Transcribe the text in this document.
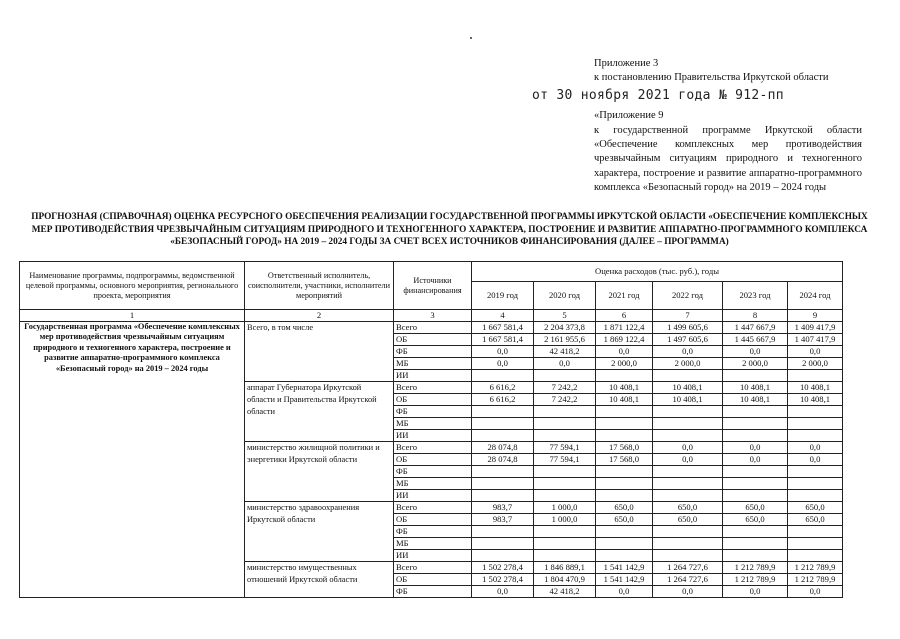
Приложение 3
к постановлению Правительства Иркутской области
от 30 ноября 2021 года № 912-пп
«Приложение 9
к государственной программе Иркутской области «Обеспечение комплексных мер противодействия чрезвычайным ситуациям природного и техногенного характера, построение и развитие аппаратно-программного комплекса «Безопасный город» на 2019 – 2024 годы
ПРОГНОЗНАЯ (СПРАВОЧНАЯ) ОЦЕНКА РЕСУРСНОГО ОБЕСПЕЧЕНИЯ РЕАЛИЗАЦИИ ГОСУДАРСТВЕННОЙ ПРОГРАММЫ ИРКУТСКОЙ ОБЛАСТИ «ОБЕСПЕЧЕНИЕ КОМПЛЕКСНЫХ МЕР ПРОТИВОДЕЙСТВИЯ ЧРЕЗВЫЧАЙНЫМ СИТУАЦИЯМ ПРИРОДНОГО И ТЕХНОГЕННОГО ХАРАКТЕРА, ПОСТРОЕНИЕ И РАЗВИТИЕ АППАРАТНО-ПРОГРАММНОГО КОМПЛЕКСА «БЕЗОПАСНЫЙ ГОРОД» НА 2019 – 2024 ГОДЫ ЗА СЧЕТ ВСЕХ ИСТОЧНИКОВ ФИНАНСИРОВАНИЯ (ДАЛЕЕ – ПРОГРАММА)
Наименование программы, подпрограммы, ведомственной целевой программы, основного мероприятия, регионального проекта, мероприятия	Ответственный исполнитель, соисполнители, участники, исполнители мероприятий	Источники финансирования	Оценка расходов (тыс. руб.), годы					
			2019 год	2020 год	2021 год	2022 год	2023 год	2024 год
1	2	3	4	5	6	7	8	9
Государственная программа «Обеспечение комплексных мер противодействия чрезвычайным ситуациям природного и техногенного характера, построение и развитие аппаратно-программного комплекса «Безопасный город» на 2019 – 2024 годы	Всего, в том числе	Всего	1 667 581,4	2 204 373,8	1 871 122,4	1 499 605,6	1 447 667,9	1 409 417,9
		ОБ	1 667 581,4	2 161 955,6	1 869 122,4	1 497 605,6	1 445 667,9	1 407 417,9
		ФБ	0,0	42 418,2	0,0	0,0	0,0	0,0
		МБ	0,0	0,0	2 000,0	2 000,0	2 000,0	2 000,0
		ИИ						
	аппарат Губернатора Иркутской области и Правительства Иркутской области	Всего	6 616,2	7 242,2	10 408,1	10 408,1	10 408,1	10 408,1
		ОБ	6 616,2	7 242,2	10 408,1	10 408,1	10 408,1	10 408,1
		ФБ						
		МБ						
		ИИ						
	министерство жилищной политики и энергетики Иркутской области	Всего	28 074,8	77 594,1	17 568,0	0,0	0,0	0,0
		ОБ	28 074,8	77 594,1	17 568,0	0,0	0,0	0,0
		ФБ						
		МБ						
		ИИ						
	министерство здравоохранения Иркутской области	Всего	983,7	1 000,0	650,0	650,0	650,0	650,0
		ОБ	983,7	1 000,0	650,0	650,0	650,0	650,0
		ФБ						
		МБ						
		ИИ						
	министерство имущественных отношений Иркутской области	Всего	1 502 278,4	1 846 889,1	1 541 142,9	1 264 727,6	1 212 789,9	1 212 789,9
		ОБ	1 502 278,4	1 804 470,9	1 541 142,9	1 264 727,6	1 212 789,9	1 212 789,9
		ФБ	0,0	42 418,2	0,0	0,0	0,0	0,0
